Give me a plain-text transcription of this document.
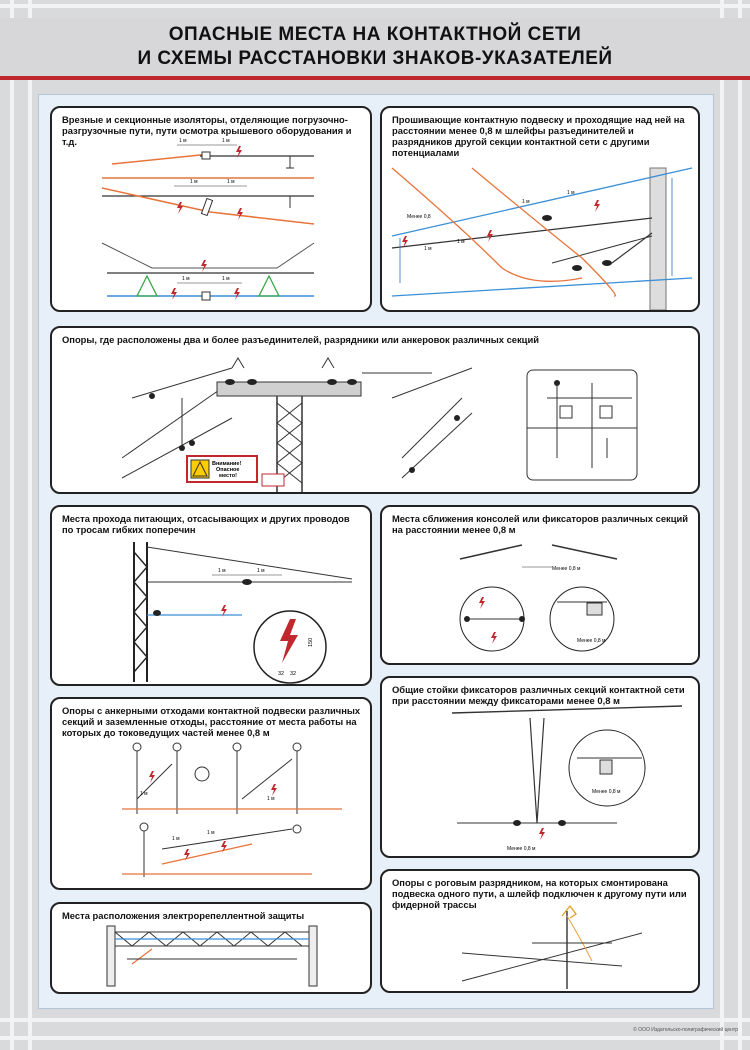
ОПАСНЫЕ МЕСТА НА КОНТАКТНОЙ СЕТИ
И СХЕМЫ РАССТАНОВКИ ЗНАКОВ-УКАЗАТЕЛЕЙ
Врезные и секционные изоляторы, отделяющие погрузочно-разгрузочные пути, пути осмотра крышевого оборудования и т.д.	1 м	1 м
1 м	1 м
1 м	1 м
Прошивающие контактную подвеску и проходящие над ней на расстоянии менее 0,8 м шлейфы разъединителей и разрядников другой секции контактной сети с другими потенциалами
Менее 0,8
1 м
1 м
1 м
1 м
Опоры, где расположены два и более разъединителей, разрядники или анкеровок различных секций
Внимание!
Опасное
место!
Места прохода питающих, отсасывающих и других проводов по тросам гибких поперечин
1 м	1 м
150
32 32
Места сближения консолей или фиксаторов различных секций на расстоянии менее 0,8 м
Менее 0,8 м
Менее 0,8 м
Опоры с анкерными отходами контактной подвески различных секций и заземленные отходы, расстояние от места работы на которых до токоведущих частей менее 0,8 м
1 м
1 м
1 м
1 м
Общие стойки фиксаторов различных секций контактной сети при расстоянии между фиксаторами менее 0,8 м
Менее 0,8 м
Менее 0,8 м
Места расположения электрорепеллентной защиты
Опоры с роговым разрядником, на которых смонтирована подвеска одного пути, а шлейф подключен к другому пути или фидерной трассы
© ООО Издательско-полиграфический центр
